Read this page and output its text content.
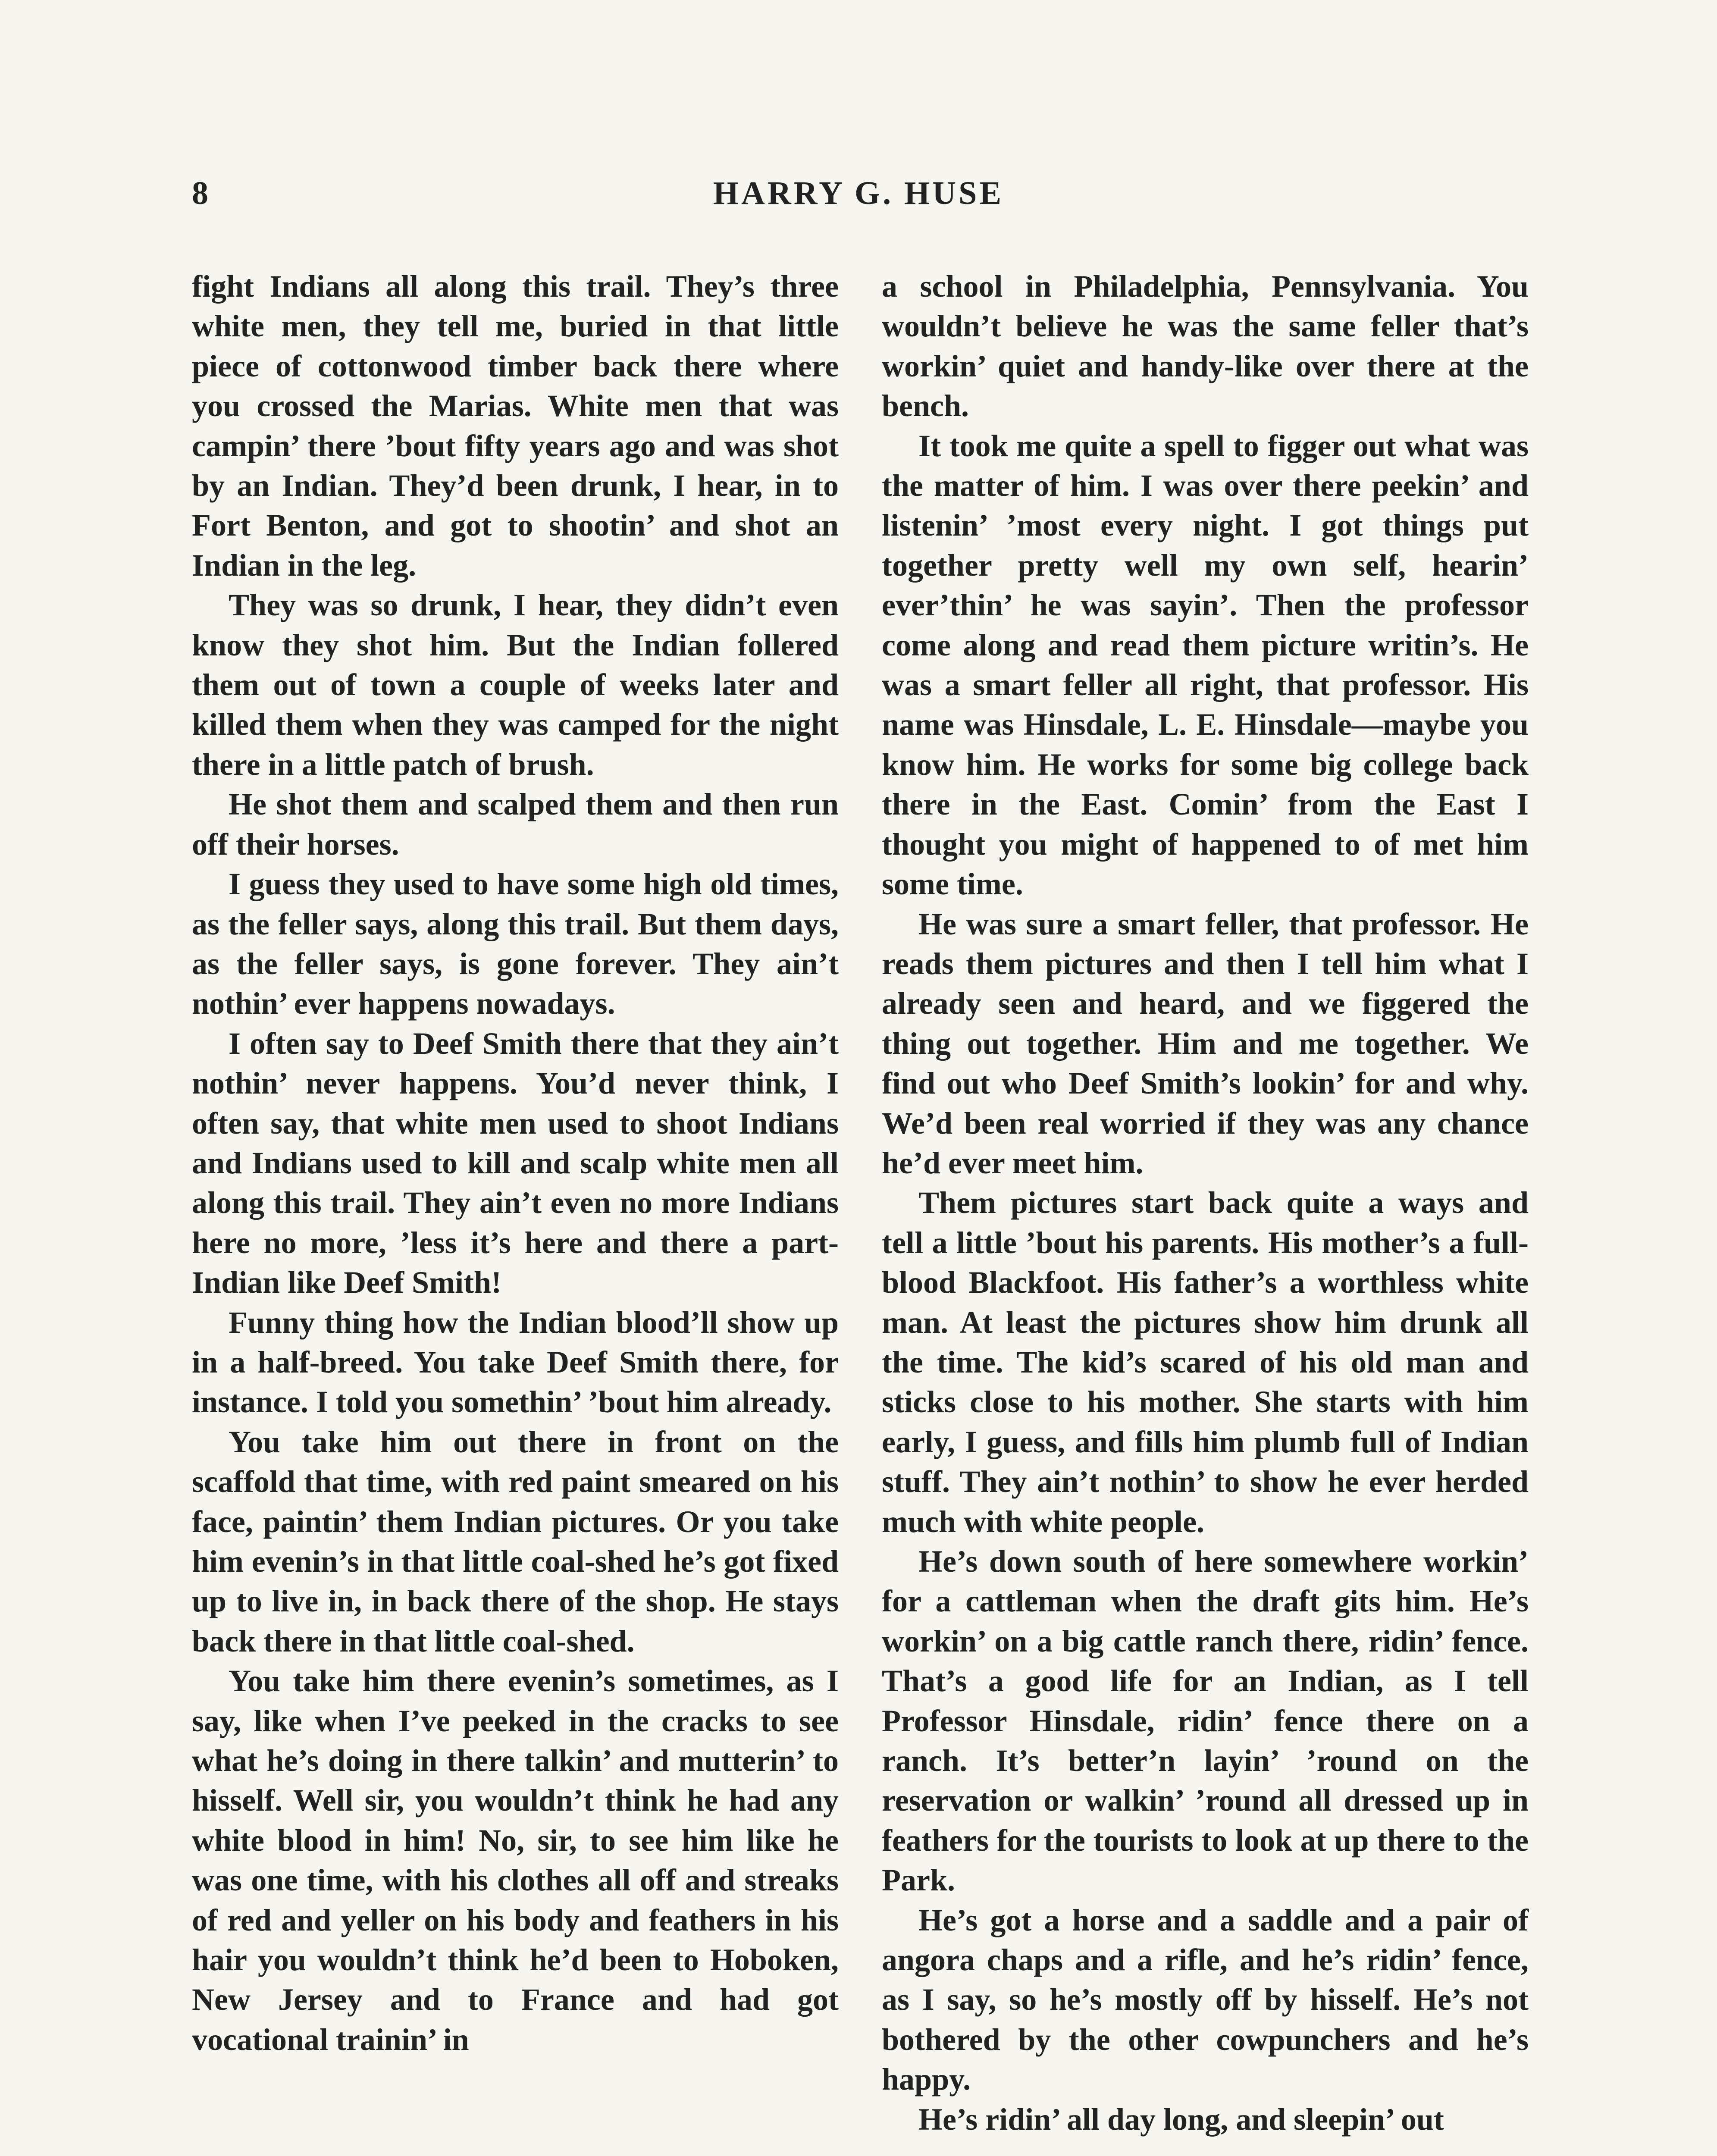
8	HARRY G. HUSE

fight Indians all along this trail. They’s three white men, they tell me, buried in that little piece of cottonwood timber back there where you crossed the Marias. White men that was campin’ there ’bout fifty years ago and was shot by an Indian. They’d been drunk, I hear, in to Fort Benton, and got to shootin’ and shot an Indian in the leg.

They was so drunk, I hear, they didn’t even know they shot him. But the Indian follered them out of town a couple of weeks later and killed them when they was camped for the night there in a little patch of brush.

He shot them and scalped them and then run off their horses.

I guess they used to have some high old times, as the feller says, along this trail. But them days, as the feller says, is gone forever. They ain’t nothin’ ever happens nowadays.

I often say to Deef Smith there that they ain’t nothin’ never happens. You’d never think, I often say, that white men used to shoot Indians and Indians used to kill and scalp white men all along this trail. They ain’t even no more Indians here no more, ’less it’s here and there a part-Indian like Deef Smith!

Funny thing how the Indian blood’ll show up in a half-breed. You take Deef Smith there, for instance. I told you somethin’ ’bout him already.

You take him out there in front on the scaffold that time, with red paint smeared on his face, paintin’ them Indian pictures. Or you take him evenin’s in that little coal-shed he’s got fixed up to live in, in back there of the shop. He stays back there in that little coal-shed.

You take him there evenin’s sometimes, as I say, like when I’ve peeked in the cracks to see what he’s doing in there talkin’ and mutterin’ to hisself. Well sir, you wouldn’t think he had any white blood in him! No, sir, to see him like he was one time, with his clothes all off and streaks of red and yeller on his body and feathers in his hair you wouldn’t think he’d been to Hoboken, New Jersey and to France and had got vocational trainin’ in

a school in Philadelphia, Pennsylvania. You wouldn’t believe he was the same feller that’s workin’ quiet and handy-like over there at the bench.

It took me quite a spell to figger out what was the matter of him. I was over there peekin’ and listenin’ ’most every night. I got things put together pretty well my own self, hearin’ ever’thin’ he was sayin’. Then the professor come along and read them picture writin’s. He was a smart feller all right, that professor. His name was Hinsdale, L. E. Hinsdale—maybe you know him. He works for some big college back there in the East. Comin’ from the East I thought you might of happened to of met him some time.

He was sure a smart feller, that professor. He reads them pictures and then I tell him what I already seen and heard, and we figgered the thing out together. Him and me together. We find out who Deef Smith’s lookin’ for and why. We’d been real worried if they was any chance he’d ever meet him.

Them pictures start back quite a ways and tell a little ’bout his parents. His mother’s a full-blood Blackfoot. His father’s a worthless white man. At least the pictures show him drunk all the time. The kid’s scared of his old man and sticks close to his mother. She starts with him early, I guess, and fills him plumb full of Indian stuff. They ain’t nothin’ to show he ever herded much with white people.

He’s down south of here somewhere workin’ for a cattleman when the draft gits him. He’s workin’ on a big cattle ranch there, ridin’ fence. That’s a good life for an Indian, as I tell Professor Hinsdale, ridin’ fence there on a ranch. It’s better’n layin’ ’round on the reservation or walkin’ ’round all dressed up in feathers for the tourists to look at up there to the Park.

He’s got a horse and a saddle and a pair of angora chaps and a rifle, and he’s ridin’ fence, as I say, so he’s mostly off by hisself. He’s not bothered by the other cowpunchers and he’s happy.

He’s ridin’ all day long, and sleepin’ out
